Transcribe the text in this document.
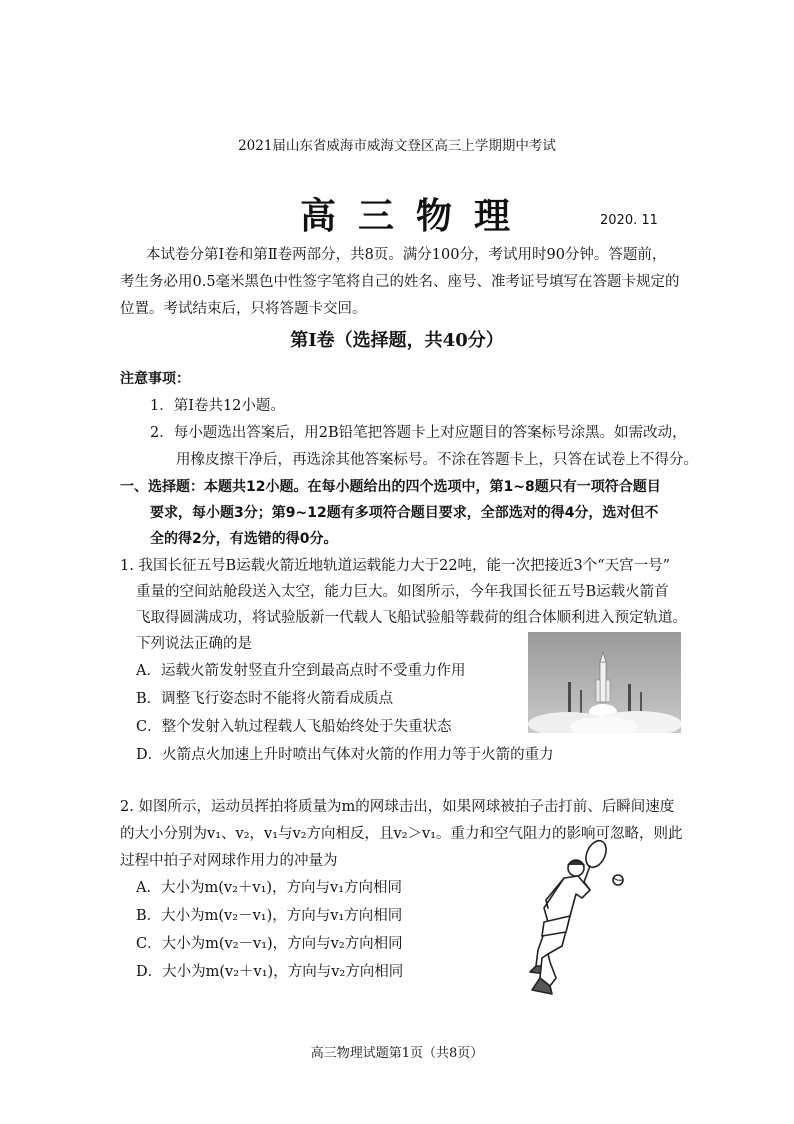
2021届山东省威海市威海文登区高三上学期期中考试
高三物理	2020. 11
本试卷分第Ⅰ卷和第Ⅱ卷两部分，共8页。满分100分，考试用时90分钟。答题前，
考生务必用0.5毫米黑色中性签字笔将自己的姓名、座号、准考证号填写在答题卡规定的
位置。考试结束后，只将答题卡交回。
第Ⅰ卷（选择题，共40分）
注意事项：
1．第Ⅰ卷共12小题。
2．每小题选出答案后，用2B铅笔把答题卡上对应题目的答案标号涂黑。如需改动，
用橡皮擦干净后，再选涂其他答案标号。不涂在答题卡上，只答在试卷上不得分。
一、选择题：本题共12小题。在每小题给出的四个选项中，第1~8题只有一项符合题目
要求，每小题3分；第9~12题有多项符合题目要求，全部选对的得4分，选对但不
全的得2分，有选错的得0分。
1. 我国长征五号B运载火箭近地轨道运载能力大于22吨，能一次把接近3个“天宫一号”
重量的空间站舱段送入太空，能力巨大。如图所示，今年我国长征五号B运载火箭首
飞取得圆满成功，将试验版新一代载人飞船试验船等载荷的组合体顺利进入预定轨道。
下列说法正确的是
A．运载火箭发射竖直升空到最高点时不受重力作用
B．调整飞行姿态时不能将火箭看成质点
C．整个发射入轨过程载人飞船始终处于失重状态
D．火箭点火加速上升时喷出气体对火箭的作用力等于火箭的重力
2. 如图所示，运动员挥拍将质量为m的网球击出，如果网球被拍子击打前、后瞬间速度
的大小分别为v₁、v₂，v₁与v₂方向相反，且v₂＞v₁。重力和空气阻力的影响可忽略，则此
过程中拍子对网球作用力的冲量为
A．大小为m(v₂＋v₁)，方向与v₁方向相同
B．大小为m(v₂－v₁)，方向与v₁方向相同
C．大小为m(v₂－v₁)，方向与v₂方向相同
D．大小为m(v₂＋v₁)，方向与v₂方向相同
高三物理试题第1页（共8页）
